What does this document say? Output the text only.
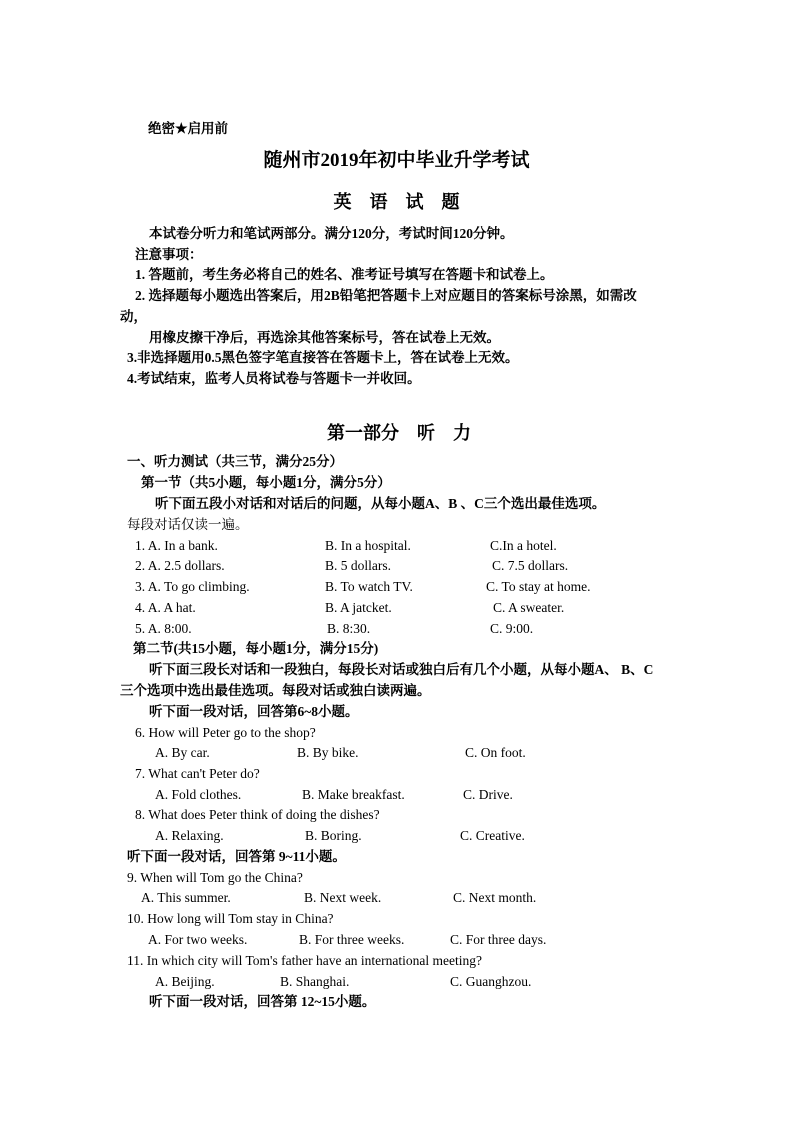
绝密★启用前
随州市2019年初中毕业升学考试
英　语　试　题
本试卷分听力和笔试两部分。满分120分，考试时间120分钟。
注意事项：
1. 答题前，考生务必将自己的姓名、准考证号填写在答题卡和试卷上。
2. 选择题每小题选出答案后，用2B铅笔把答题卡上对应题目的答案标号涂黑，如需改
动，
用橡皮擦干净后，再选涂其他答案标号，答在试卷上无效。
3.非选择题用0.5黑色签字笔直接答在答题卡上，答在试卷上无效。
4.考试结束，监考人员将试卷与答题卡一并收回。
第一部分　听　力
一、听力测试（共三节，满分25分）
第一节（共5小题，每小题1分，满分5分）
听下面五段小对话和对话后的问题，从每小题A、B 、C三个选出最佳选项。
每段对话仅读一遍。
1. A. In a bank.	B. In a hospital.	C.In a hotel.
2. A. 2.5 dollars.	B. 5 dollars.	C. 7.5 dollars.
3. A. To go climbing.	B. To watch TV.	C. To stay at home.
4. A. A hat.	B. A jatcket.	C. A sweater.
5. A. 8:00.	B. 8:30.	C. 9:00.
第二节(共15小题，每小题1分，满分15分)
听下面三段长对话和一段独白，每段长对话或独白后有几个小题，从每小题A、 B、C
三个选项中选出最佳选项。每段对话或独白读两遍。
听下面一段对话，回答第6~8小题。
6. How will Peter go to the shop?
A. By car.	B. By bike.	C. On foot.
7. What can't Peter do?
A. Fold clothes.	B. Make breakfast.	C. Drive.
8. What does Peter think of doing the dishes?
A. Relaxing.	B. Boring.	C. Creative.
听下面一段对话，回答第 9~11小题。
9. When will Tom go the China?
A. This summer.	B. Next week.	C. Next month.
10. How long will Tom stay in China?
A. For two weeks.	B. For three weeks.	C. For three days.
11. In which city will Tom's father have an international meeting?
A. Beijing.	B. Shanghai.	C. Guanghzou.
听下面一段对话，回答第 12~15小题。
